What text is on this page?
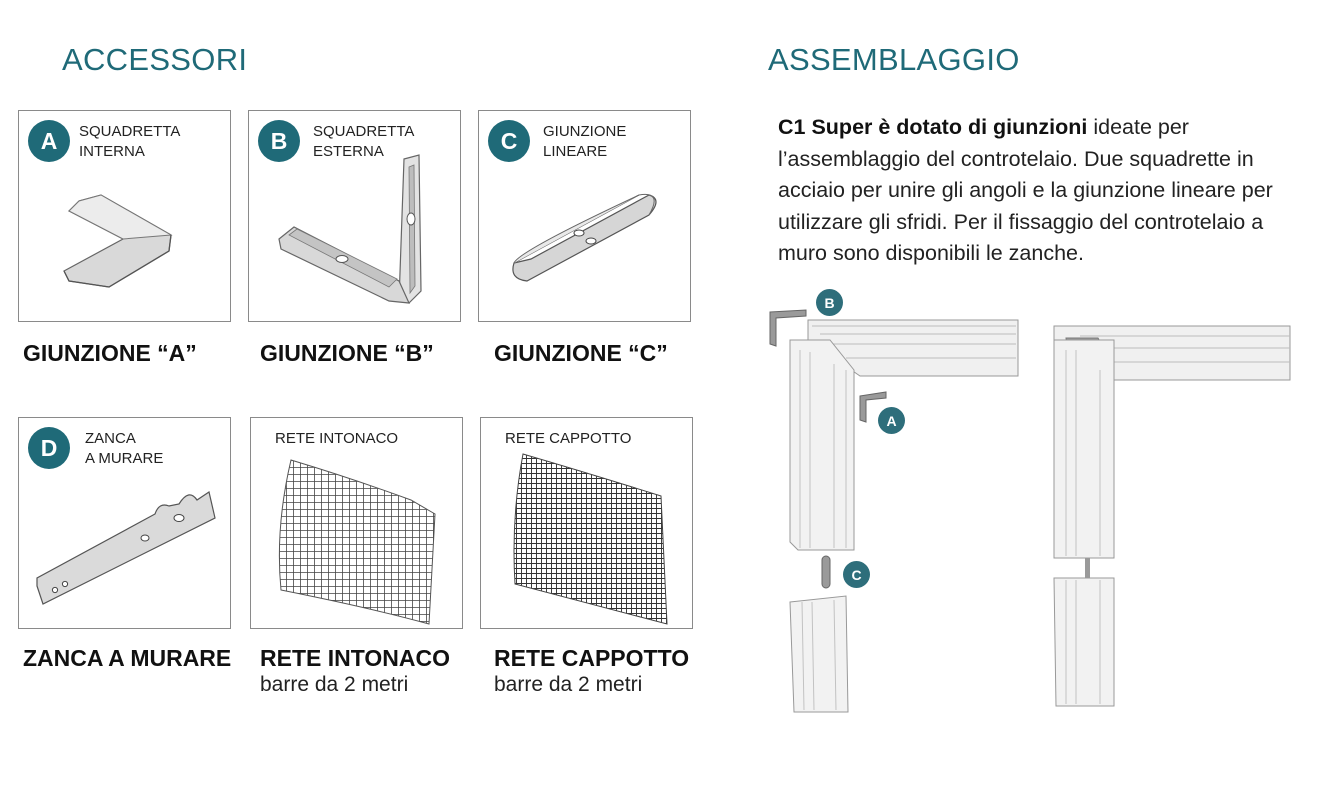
ACCESSORI	ASSEMBLAGGIO
A	SQUADRETTA
INTERNA	B	SQUADRETTA
ESTERNA	C	GIUNZIONE
LINEARE
GIUNZIONE “A”	GIUNZIONE “B”	GIUNZIONE “C”
D	ZANCA
A MURARE
RETE INTONACO	RETE CAPPOTTO
ZANCA A MURARE RETE INTONACO RETE CAPPOTTO
barre da 2 metri	barre da 2 metri
C1 Super è dotato di giunzioni ideate per l’assemblaggio del controtelaio. Due squadrette in acciaio per unire gli angoli e la giunzione lineare per utilizzare gli sfridi. Per il fissaggio del controtelaio a muro sono disponibili le zanche.
B
A
C
